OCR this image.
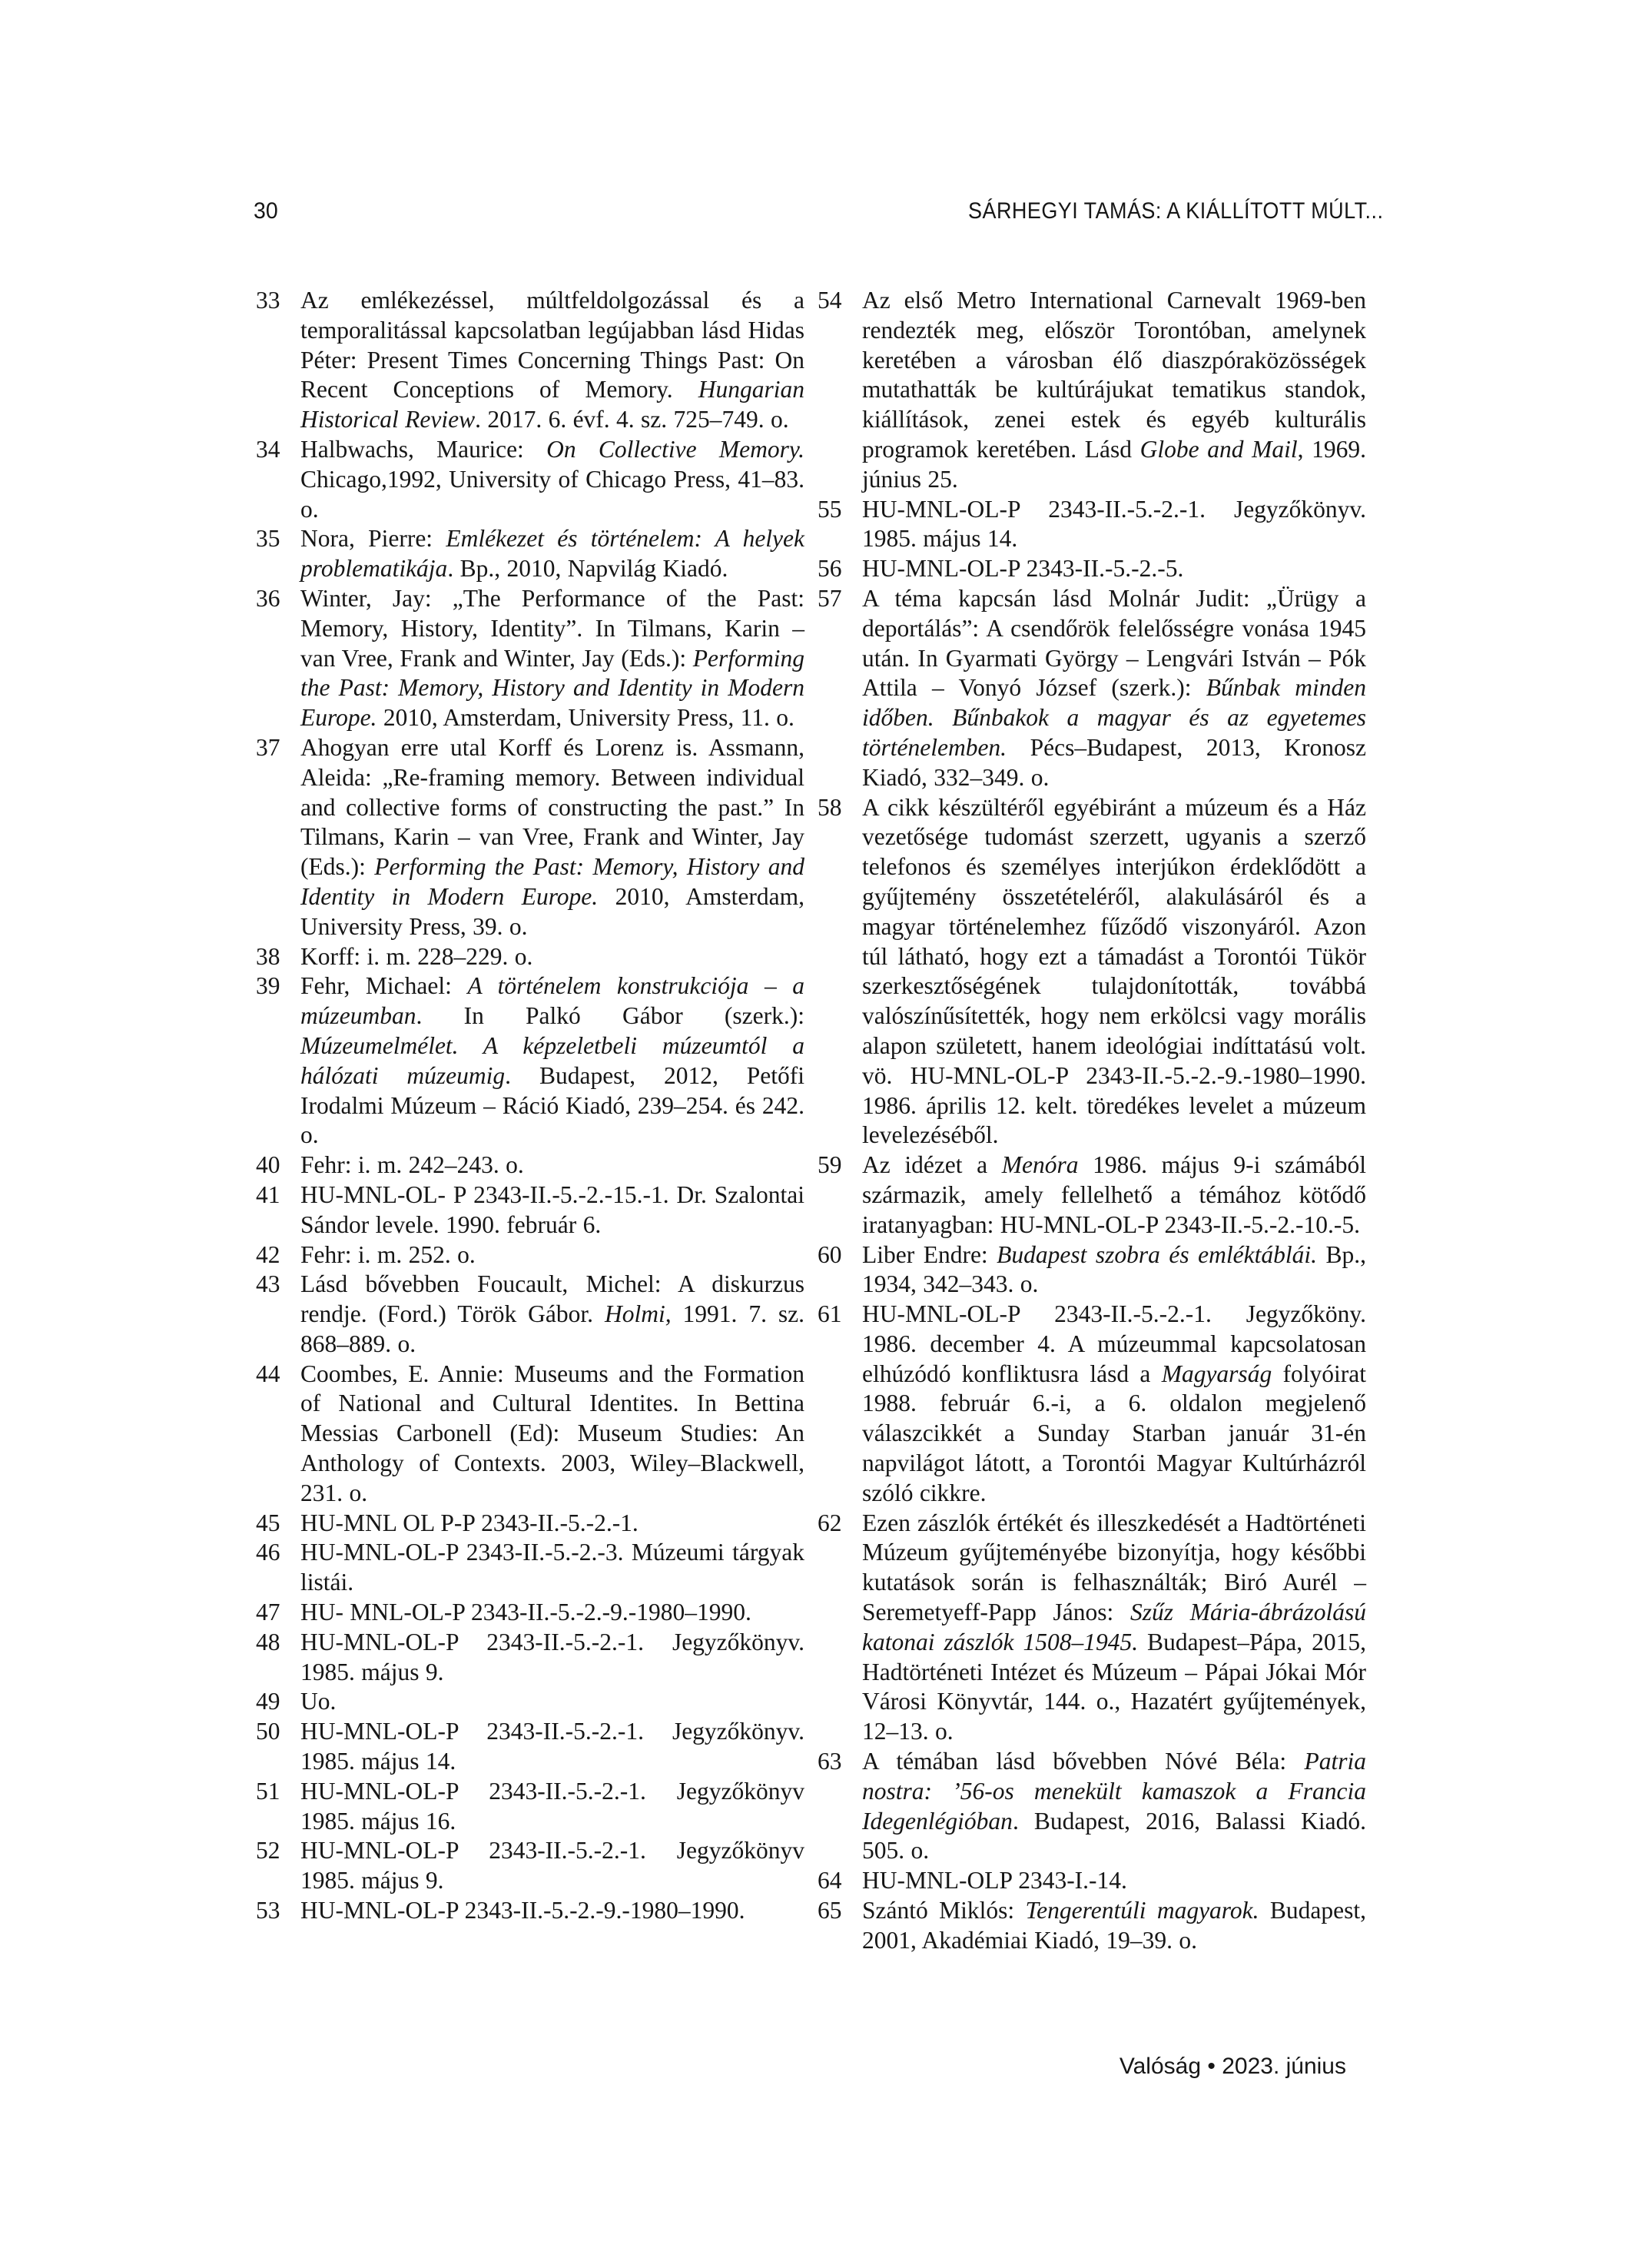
30	SÁRHEGYI TAMÁS: A KIÁLLÍTOTT MÚLT...
33 Az emlékezéssel, múltfeldolgozással és a temporalitással kapcsolatban legújabban lásd Hidas Péter: Present Times Concerning Things Past: On Recent Conceptions of Memory. Hungarian Historical Review. 2017. 6. évf. 4. sz. 725–749. o.
34 Halbwachs, Maurice: On Collective Memory. Chicago,1992, University of Chicago Press, 41–83. o.
35 Nora, Pierre: Emlékezet és történelem: A helyek problematikája. Bp., 2010, Napvilág Kiadó.
36 Winter, Jay: „The Performance of the Past: Memory, History, Identity”. In Tilmans, Karin – van Vree, Frank and Winter, Jay (Eds.): Performing the Past: Memory, History and Identity in Modern Europe. 2010, Amsterdam, University Press, 11. o.
37 Ahogyan erre utal Korff és Lorenz is. Assmann, Aleida: „Re-framing memory. Between individual and collective forms of constructing the past.” In Tilmans, Karin – van Vree, Frank and Winter, Jay (Eds.): Performing the Past: Memory, History and Identity in Modern Europe. 2010, Amsterdam, University Press, 39. o.
38 Korff: i. m. 228–229. o.
39 Fehr, Michael: A történelem konstrukciója – a múzeumban. In Palkó Gábor (szerk.): Múzeumelmélet. A képzeletbeli múzeumtól a hálózati múzeumig. Budapest, 2012, Petőfi Irodalmi Múzeum – Ráció Kiadó, 239–254. és 242. o.
40 Fehr: i. m. 242–243. o.
41 HU-MNL-OL- P 2343-II.-5.-2.-15.-1. Dr. Szalontai Sándor levele. 1990. február 6.
42 Fehr: i. m. 252. o.
43 Lásd bővebben Foucault, Michel: A diskurzus rendje. (Ford.) Török Gábor. Holmi, 1991. 7. sz. 868–889. o.
44 Coombes, E. Annie: Museums and the Formation of National and Cultural Identites. In Bettina Messias Carbonell (Ed): Museum Studies: An Anthology of Contexts. 2003, Wiley–Blackwell, 231. o.
45 HU-MNL OL P-P 2343-II.-5.-2.-1.
46 HU-MNL-OL-P 2343-II.-5.-2.-3. Múzeumi tárgyak listái.
47 HU- MNL-OL-P 2343-II.-5.-2.-9.-1980–1990.
48 HU-MNL-OL-P 2343-II.-5.-2.-1. Jegyzőkönyv. 1985. május 9.
49 Uo.
50 HU-MNL-OL-P 2343-II.-5.-2.-1. Jegyzőkönyv. 1985. május 14.
51 HU-MNL-OL-P 2343-II.-5.-2.-1. Jegyzőkönyv 1985. május 16.
52 HU-MNL-OL-P 2343-II.-5.-2.-1. Jegyzőkönyv 1985. május 9.
53 HU-MNL-OL-P 2343-II.-5.-2.-9.-1980–1990.
54 Az első Metro International Carnevalt 1969-ben rendezték meg, először Torontóban, amelynek keretében a városban élő diaszpóraközösségek mutathatták be kultúrájukat tematikus standok, kiállítások, zenei estek és egyéb kulturális programok keretében. Lásd Globe and Mail, 1969. június 25.
55 HU-MNL-OL-P 2343-II.-5.-2.-1. Jegyzőkönyv. 1985. május 14.
56 HU-MNL-OL-P 2343-II.-5.-2.-5.
57 A téma kapcsán lásd Molnár Judit: „Ürügy a deportálás”: A csendőrök felelősségre vonása 1945 után. In Gyarmati György – Lengvári István – Pók Attila – Vonyó József (szerk.): Bűnbak minden időben. Bűnbakok a magyar és az egyetemes történelemben. Pécs–Budapest, 2013, Kronosz Kiadó, 332–349. o.
58 A cikk készültéről egyébiránt a múzeum és a Ház vezetősége tudomást szerzett, ugyanis a szerző telefonos és személyes interjúkon érdeklődött a gyűjtemény összetételéről, alakulásáról és a magyar történelemhez fűződő viszonyáról. Azon túl látható, hogy ezt a támadást a Torontói Tükör szerkesztőségének tulajdonították, továbbá valószínűsítették, hogy nem erkölcsi vagy morális alapon született, hanem ideológiai indíttatású volt. vö. HU-MNL-OL-P 2343-II.-5.-2.-9.-1980–1990. 1986. április 12. kelt. töredékes levelet a múzeum levelezéséből.
59 Az idézet a Menóra 1986. május 9-i számából származik, amely fellelhető a témához kötődő iratanyagban: HU-MNL-OL-P 2343-II.-5.-2.-10.-5.
60 Liber Endre: Budapest szobra és emléktáblái. Bp., 1934, 342–343. o.
61 HU-MNL-OL-P 2343-II.-5.-2.-1. Jegyzőköny. 1986. december 4. A múzeummal kapcsolatosan elhúzódó konfliktusra lásd a Magyarság folyóirat 1988. február 6.-i, a 6. oldalon megjelenő válaszcikkét a Sunday Starban január 31-én napvilágot látott, a Torontói Magyar Kultúrházról szóló cikkre.
62 Ezen zászlók értékét és illeszkedését a Hadtörténeti Múzeum gyűjteményébe bizonyítja, hogy későbbi kutatások során is felhasználták; Biró Aurél – Seremetyeff-Papp János: Szűz Mária-ábrázolású katonai zászlók 1508–1945. Budapest–Pápa, 2015, Hadtörténeti Intézet és Múzeum – Pápai Jókai Mór Városi Könyvtár, 144. o., Hazatért gyűjtemények, 12–13. o.
63 A témában lásd bővebben Nóvé Béla: Patria nostra: ’56-os menekült kamaszok a Francia Idegenlégióban. Budapest, 2016, Balassi Kiadó. 505. o.
64 HU-MNL-OLP 2343-I.-14.
65 Szántó Miklós: Tengerentúli magyarok. Budapest, 2001, Akadémiai Kiadó, 19–39. o.
Valóság • 2023. június
